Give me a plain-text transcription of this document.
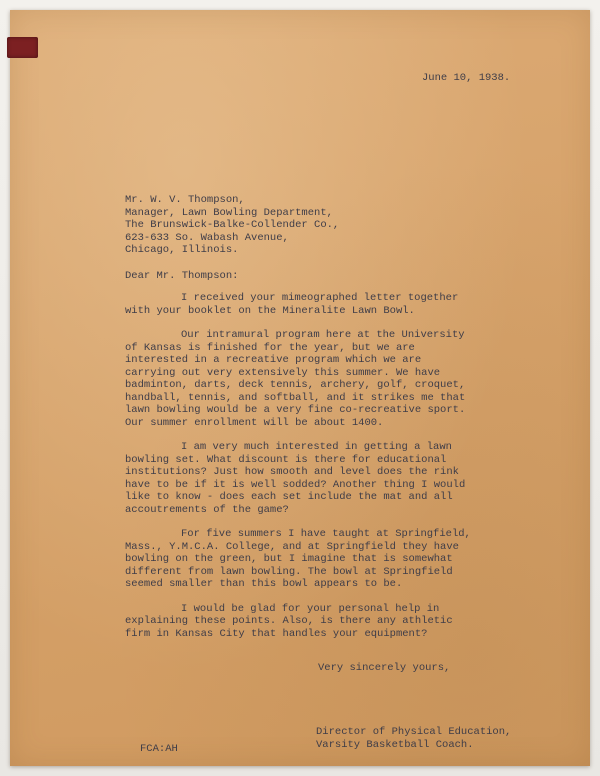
June 10, 1938.
Mr. W. V. Thompson,
Manager, Lawn Bowling Department,
The Brunswick-Balke-Collender Co.,
623-633 So. Wabash Avenue,
Chicago, Illinois.
Dear Mr. Thompson:

I received your mimeographed letter together with your booklet on the Mineralite Lawn Bowl.

Our intramural program here at the University of Kansas is finished for the year, but we are interested in a recreative program which we are carrying out very extensively this summer. We have badminton, darts, deck tennis, archery, golf, croquet, handball, tennis, and softball, and it strikes me that lawn bowling would be a very fine co-recreative sport. Our summer enrollment will be about 1400.

I am very much interested in getting a lawn bowling set. What discount is there for educational institutions? Just how smooth and level does the rink have to be if it is well sodded? Another thing I would like to know - does each set include the mat and all accoutrements of the game?

For five summers I have taught at Springfield, Mass., Y.M.C.A. College, and at Springfield they have bowling on the green, but I imagine that is somewhat different from lawn bowling. The bowl at Springfield seemed smaller than this bowl appears to be.

I would be glad for your personal help in explaining these points. Also, is there any athletic firm in Kansas City that handles your equipment?

Very sincerely yours,
Director of Physical Education,
Varsity Basketball Coach.
FCA:AH
